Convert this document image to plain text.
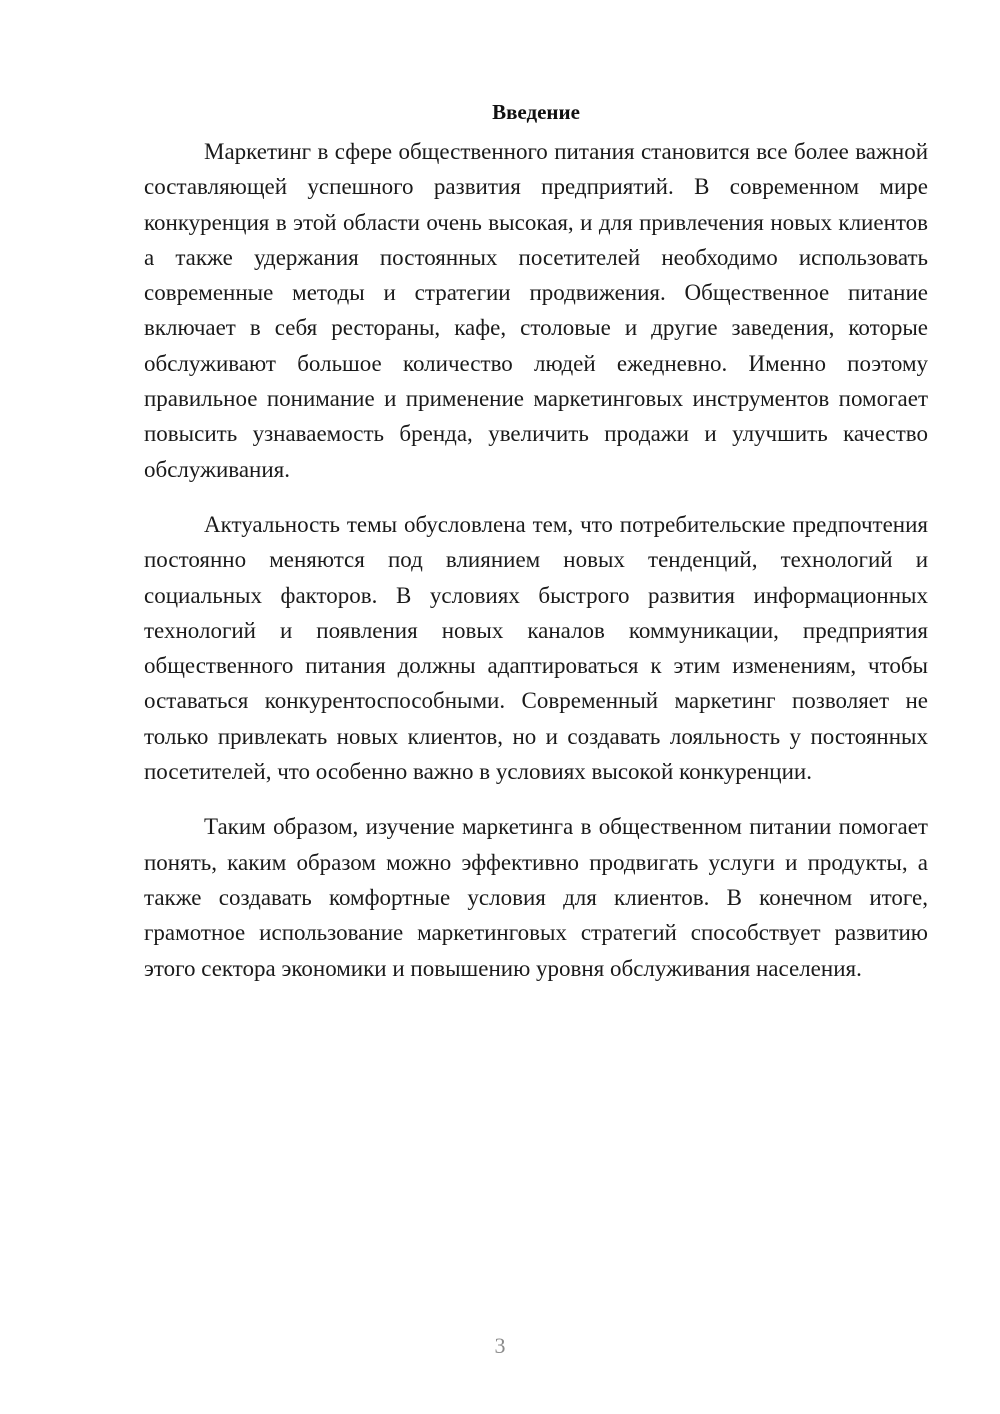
Введение

Маркетинг в сфере общественного питания становится все более важной составляющей успешного развития предприятий. В современном мире конкуренция в этой области очень высокая, и для привлечения новых клиентов а также удержания постоянных посетителей необходимо использовать современные методы и стратегии продвижения. Общественное питание включает в себя рестораны, кафе, столовые и другие заведения, которые обслуживают большое количество людей ежедневно. Именно поэтому правильное понимание и применение маркетинговых инструментов помогает повысить узнаваемость бренда, увеличить продажи и улучшить качество обслуживания.

Актуальность темы обусловлена тем, что потребительские предпочтения постоянно меняются под влиянием новых тенденций, технологий и социальных факторов. В условиях быстрого развития информационных технологий и появления новых каналов коммуникации, предприятия общественного питания должны адаптироваться к этим изменениям, чтобы оставаться конкурентоспособными. Современный маркетинг позволяет не только привлекать новых клиентов, но и создавать лояльность у постоянных посетителей, что особенно важно в условиях высокой конкуренции.

Таким образом, изучение маркетинга в общественном питании помогает понять, каким образом можно эффективно продвигать услуги и продукты, а также создавать комфортные условия для клиентов. В конечном итоге, грамотное использование маркетинговых стратегий способствует развитию этого сектора экономики и повышению уровня обслуживания населения.

3
